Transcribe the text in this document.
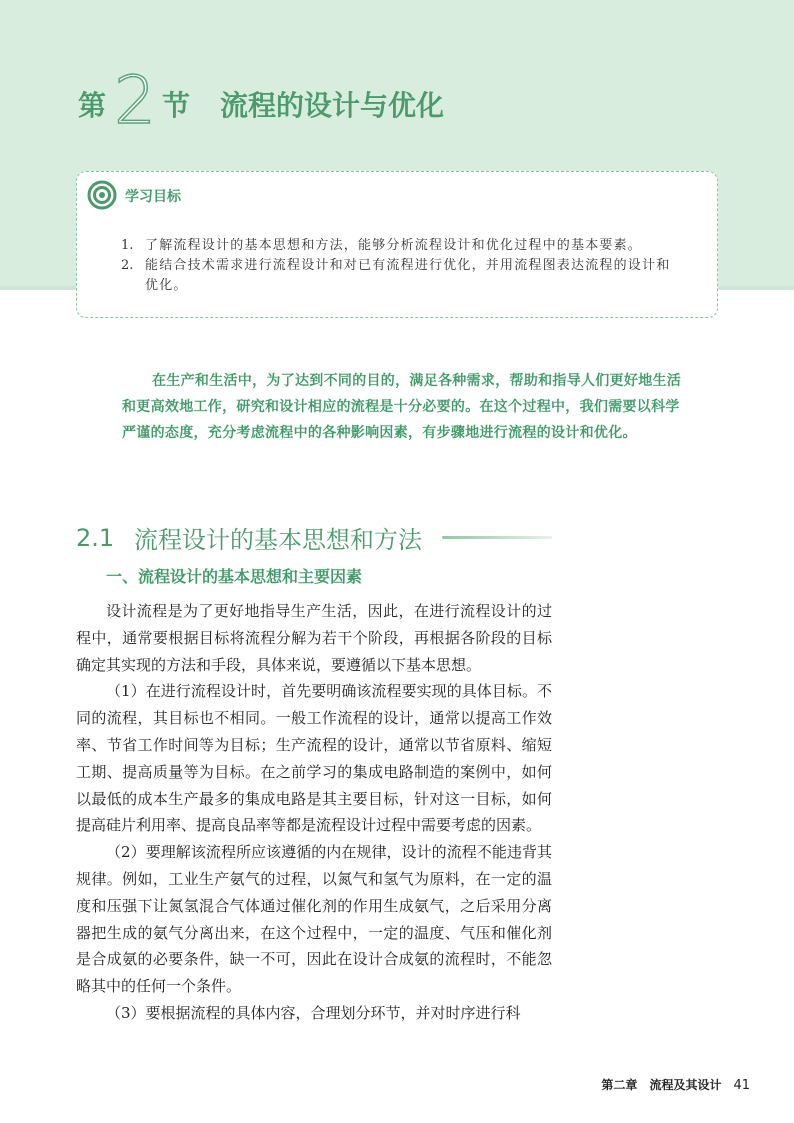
第 2 节 流程的设计与优化
学习目标
1. 了解流程设计的基本思想和方法，能够分析流程设计和优化过程中的基本要素。
2. 能结合技术需求进行流程设计和对已有流程进行优化，并用流程图表达流程的设计和优化。

在生产和生活中，为了达到不同的目的，满足各种需求，帮助和指导人们更好地生活和更高效地工作，研究和设计相应的流程是十分必要的。在这个过程中，我们需要以科学严谨的态度，充分考虑流程中的各种影响因素，有步骤地进行流程的设计和优化。

2.1 流程设计的基本思想和方法
一、流程设计的基本思想和主要因素

设计流程是为了更好地指导生产生活，因此，在进行流程设计的过程中，通常要根据目标将流程分解为若干个阶段，再根据各阶段的目标确定其实现的方法和手段，具体来说，要遵循以下基本思想。

（1）在进行流程设计时，首先要明确该流程要实现的具体目标。不同的流程，其目标也不相同。一般工作流程的设计，通常以提高工作效率、节省工作时间等为目标；生产流程的设计，通常以节省原料、缩短工期、提高质量等为目标。在之前学习的集成电路制造的案例中，如何以最低的成本生产最多的集成电路是其主要目标，针对这一目标，如何提高硅片利用率、提高良品率等都是流程设计过程中需要考虑的因素。

（2）要理解该流程所应该遵循的内在规律，设计的流程不能违背其规律。例如，工业生产氨气的过程，以氮气和氢气为原料，在一定的温度和压强下让氮氢混合气体通过催化剂的作用生成氨气，之后采用分离器把生成的氨气分离出来，在这个过程中，一定的温度、气压和催化剂是合成氨的必要条件，缺一不可，因此在设计合成氨的流程时，不能忽略其中的任何一个条件。

（3）要根据流程的具体内容，合理划分环节，并对时序进行科

第二章 流程及其设计 41
